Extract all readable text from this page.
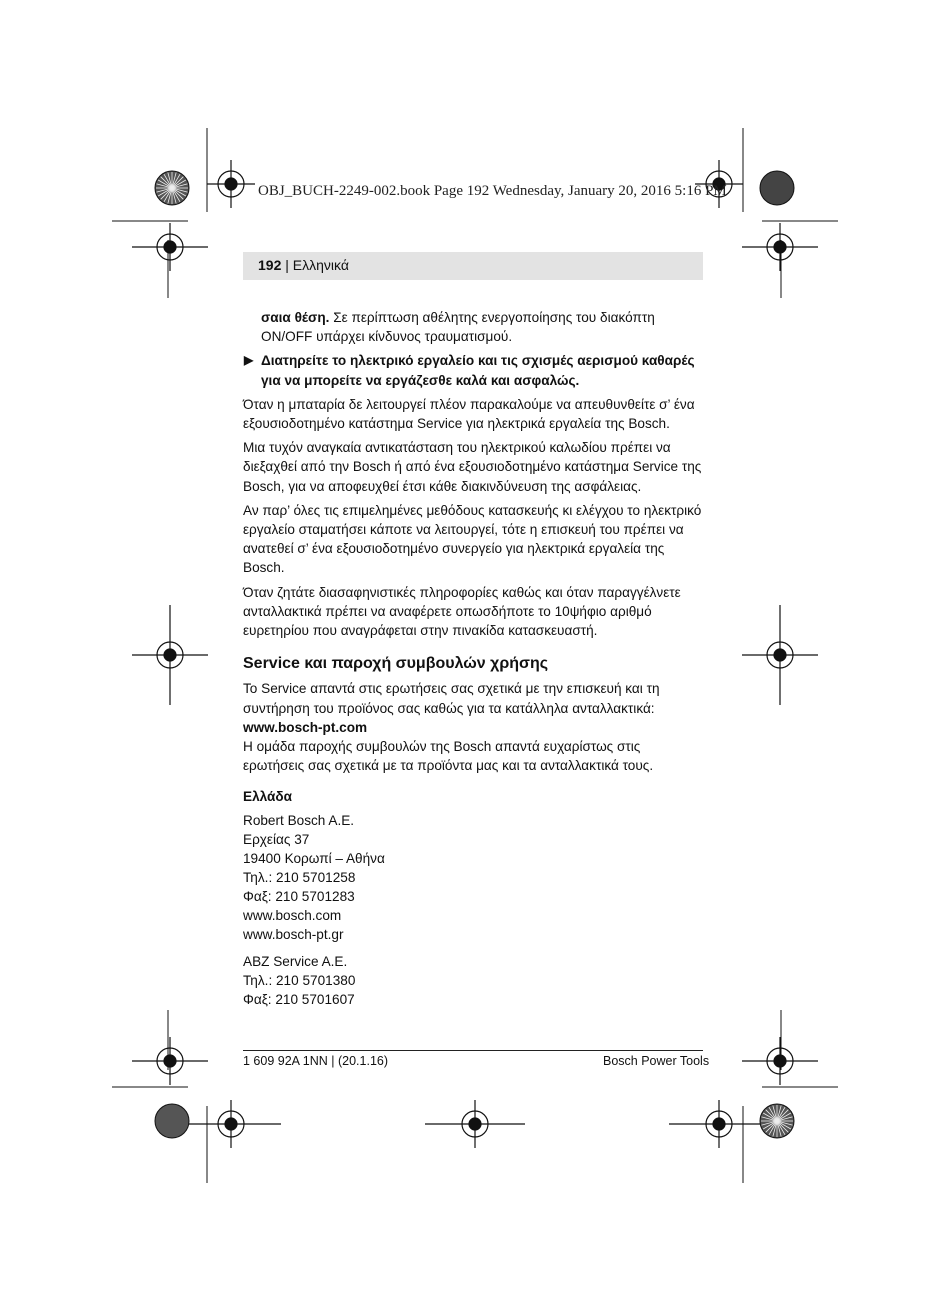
OBJ_BUCH-2249-002.book Page 192 Wednesday, January 20, 2016 5:16 PM
192 | Ελληνικά

σαια θέση. Σε περίπτωση αθέλητης ενεργοποίησης του διακόπτη ON/OFF υπάρχει κίνδυνος τραυματισμού.

▶ Διατηρείτε το ηλεκτρικό εργαλείο και τις σχισμές αερισμού καθαρές για να μπορείτε να εργάζεσθε καλά και ασφαλώς.

Όταν η μπαταρία δε λειτουργεί πλέον παρακαλούμε να απευθυνθείτε σ’ ένα εξουσιοδοτημένο κατάστημα Service για ηλεκτρικά εργαλεία της Bosch.

Μια τυχόν αναγκαία αντικατάσταση του ηλεκτρικού καλωδίου πρέπει να διεξαχθεί από την Bosch ή από ένα εξουσιοδοτημένο κατάστημα Service της Bosch, για να αποφευχθεί έτσι κάθε διακινδύνευση της ασφάλειας.

Αν παρ’ όλες τις επιμελημένες μεθόδους κατασκευής κι ελέγχου το ηλεκτρικό εργαλείο σταματήσει κάποτε να λειτουργεί, τότε η επισκευή του πρέπει να ανατεθεί σ’ ένα εξουσιοδοτημένο συνεργείο για ηλεκτρικά εργαλεία της Bosch.

Όταν ζητάτε διασαφηνιστικές πληροφορίες καθώς και όταν παραγγέλνετε ανταλλακτικά πρέπει να αναφέρετε οπωσδήποτε το 10ψήφιο αριθμό ευρετηρίου που αναγράφεται στην πινακίδα κατασκευαστή.

Service και παροχή συμβουλών χρήσης

Το Service απαντά στις ερωτήσεις σας σχετικά με την επισκευή και τη συντήρηση του προϊόνος σας καθώς για τα κατάλληλα ανταλλακτικά:

www.bosch-pt.com

Η ομάδα παροχής συμβουλών της Bosch απαντά ευχαρίστως στις ερωτήσεις σας σχετικά με τα προϊόντα μας και τα ανταλλακτικά τους.

Ελλάδα
Robert Bosch A.E.
Ερχείας 37
19400 Κορωπί – Αθήνα
Τηλ.: 210 5701258
Φαξ: 210 5701283
www.bosch.com
www.bosch-pt.gr
ABZ Service A.E.
Τηλ.: 210 5701380
Φαξ: 210 5701607
1 609 92A 1NN | (20.1.16)	Bosch Power Tools
